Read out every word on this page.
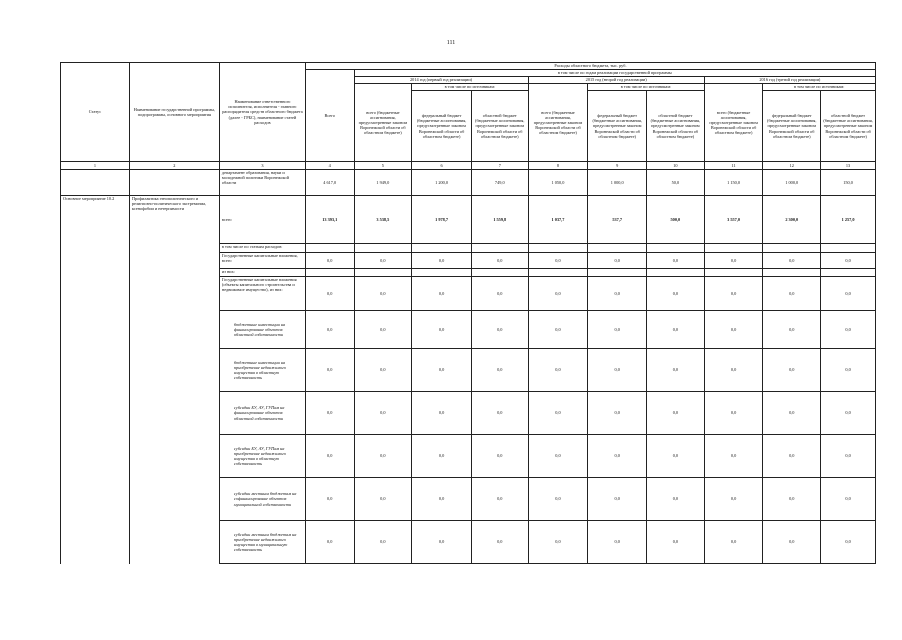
111
Статус	Наименование государственной программы, подпрограммы, основного мероприятия	Наименование ответственного исполнителя, исполнителя - главного распорядителя средств областного бюджета (далее - ГРБС), наименование статей расходов	Расходы областного бюджета, тыс. руб.									
			Всего	в том числе по годам реализации государственной программы								
				2014 год (первый год реализации)			2015 год (второй год реализации)			2016 год (третий год реализации)		
				всего (бюджетные ассигнования, предусмотренные законом Воронежской области об областном бюджете)	в том числе по источникам:		всего (бюджетные ассигнования, предусмотренные законом Воронежской области об областном бюджете)	в том числе по источникам:		всего (бюджетные ассигнования, предусмотренные законом Воронежской области об областном бюджете)	в том числе по источникам:	
					федеральный бюджет (бюджетные ассигнования, предусмотренные законом Воронежской области об областном бюджете)	областной бюджет (бюджетные ассигнования, предусмотренные законом Воронежской области об областном бюджете)		федеральный бюджет (бюджетные ассигнования, предусмотренные законом Воронежской области об областном бюджете)	областной бюджет (бюджетные ассигнования, предусмотренные законом Воронежской области об областном бюджете)		федеральный бюджет (бюджетные ассигнования, предусмотренные законом Воронежской области об областном бюджете)	областной бюджет (бюджетные ассигнования, предусмотренные законом Воронежской области об областном бюджете)

1	2	3	4	5	6	7	8	9	10	11	12	13
		департамент образования, науки и молодежной политики Воронежской области	4 617,0	1 949,0	1 200,0	749,0	1 050,0	1 000,0	50,0	1 150,0	1 000,0	150,0
Основное мероприятие 10.2	Профилактика этнополитического и религиозно-политического экстремизма, ксенофобии и нетерпимости	всего	13 393,1	3 538,5	1 978,7	1 559,8	1 037,7	537,7	500,0	3 557,0	2 300,0	1 257,0
		в том числе по статьям расходов:										
		Государственные капитальные вложения, всего	0,0	0,0	0,0	0,0	0,0	0,0	0,0	0,0	0,0	0,0
		из них:										
		Государственные капитальные вложения (объекты капитального строительства и недвижимое имущество), из них:	0,0	0,0	0,0	0,0	0,0	0,0	0,0	0,0	0,0	0,0
		бюджетные инвестиции на финансирование объектов областной собственности	0,0	0,0	0,0	0,0	0,0	0,0	0,0	0,0	0,0	0,0
		бюджетные инвестиции на приобретение недвижимого имущества в областную собственность	0,0	0,0	0,0	0,0	0,0	0,0	0,0	0,0	0,0	0,0
		субсидии БУ, АУ, ГУПам на финансирование объектов областной собственности	0,0	0,0	0,0	0,0	0,0	0,0	0,0	0,0	0,0	0,0
		субсидии БУ, АУ, ГУПам на приобретение недвижимого имущества в областную собственность	0,0	0,0	0,0	0,0	0,0	0,0	0,0	0,0	0,0	0,0
		субсидии местным бюджетам на софинансирование объектов муниципальной собственности	0,0	0,0	0,0	0,0	0,0	0,0	0,0	0,0	0,0	0,0
		субсидии местным бюджетам на приобретение недвижимого имущества в муниципальную собственность	0,0	0,0	0,0	0,0	0,0	0,0	0,0	0,0	0,0	0,0
